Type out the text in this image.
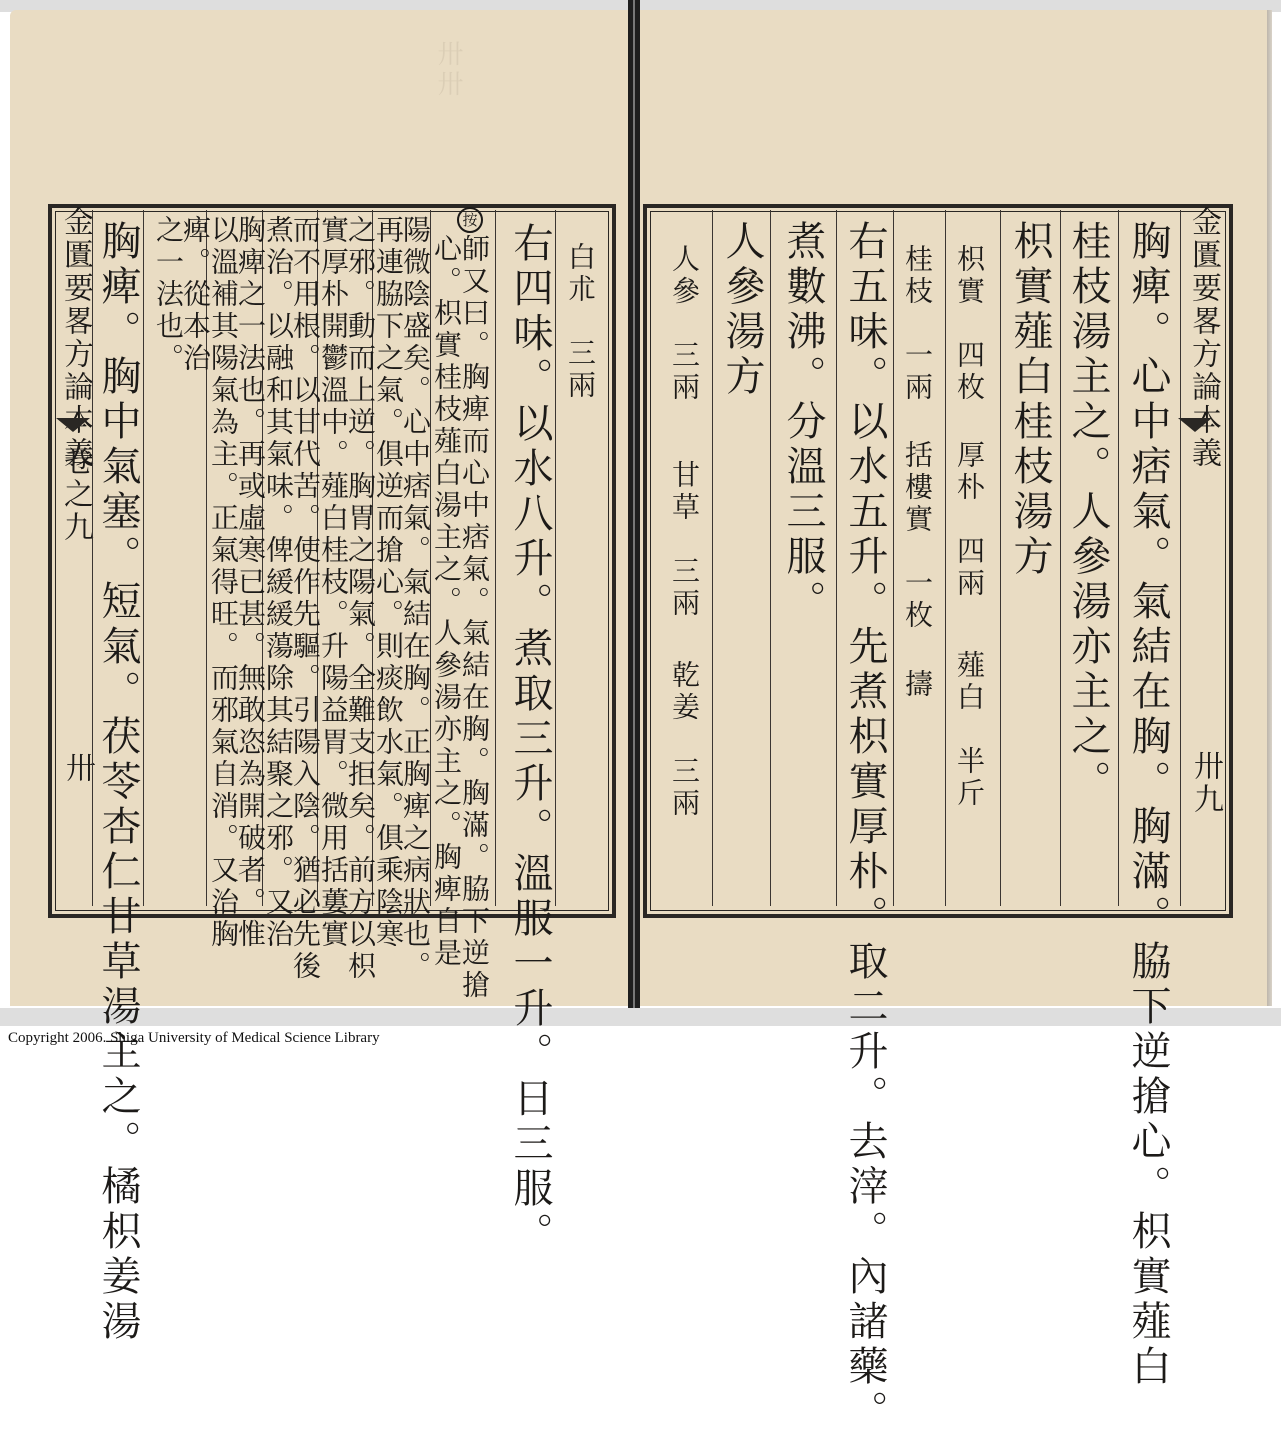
卅卅
金匱要畧方論本義
卷之九
卅
白朮　三兩
右四味。以水八升。煮取三升。溫服一升。日三服。
按
師又曰。胸痺而心中痞氣。氣結在胸。胸滿。脇下逆搶
心。枳實桂枝薤白湯主之。人參湯亦主之。胸痺自是
陽微陰盛矣。心中痞氣。氣結在胸。正胸痺之病狀也。
再連脇下之氣。俱逆而搶心。則痰飲水氣。俱乘陰寒
之邪。動而上逆。胸胃之陽氣。全難支拒矣。前方以枳
實厚朴開鬱溫中。薤白桂枝。升陽益胃。微用括蔞實
而不用根。以甘代苦。使作先驅。引陽入陰。猶必先後
煮治。以融和其氣味。俾緩緩蕩除其結聚之邪。又治
胸痺之一法也。再或虛寒已甚。無敢恣為開破者。惟
以溫補其陽氣為主。正氣得旺。而邪氣自消。又治胸
痺。從本治
之一法也。
胸痺。胸中氣塞。短氣。茯苓杏仁甘草湯主之。橘枳姜湯	金匱要畧方論本義
卅九
胸痺。心中痞氣。氣結在胸。胸滿。脇下逆搶心。枳實薤白
桂枝湯主之。人參湯亦主之。
枳實薤白桂枝湯方
枳實　四枚
厚朴　四兩
薤白　半斤
桂枝　一兩
括樓實　一枚 擣
右五味。以水五升。先煮枳實厚朴。取二升。去滓。內諸藥。
煮數沸。分溫三服。
人參湯方
人參　三兩
甘草　三兩
乾姜　三兩
Copyright 2006. Shiga University of Medical Science Library
